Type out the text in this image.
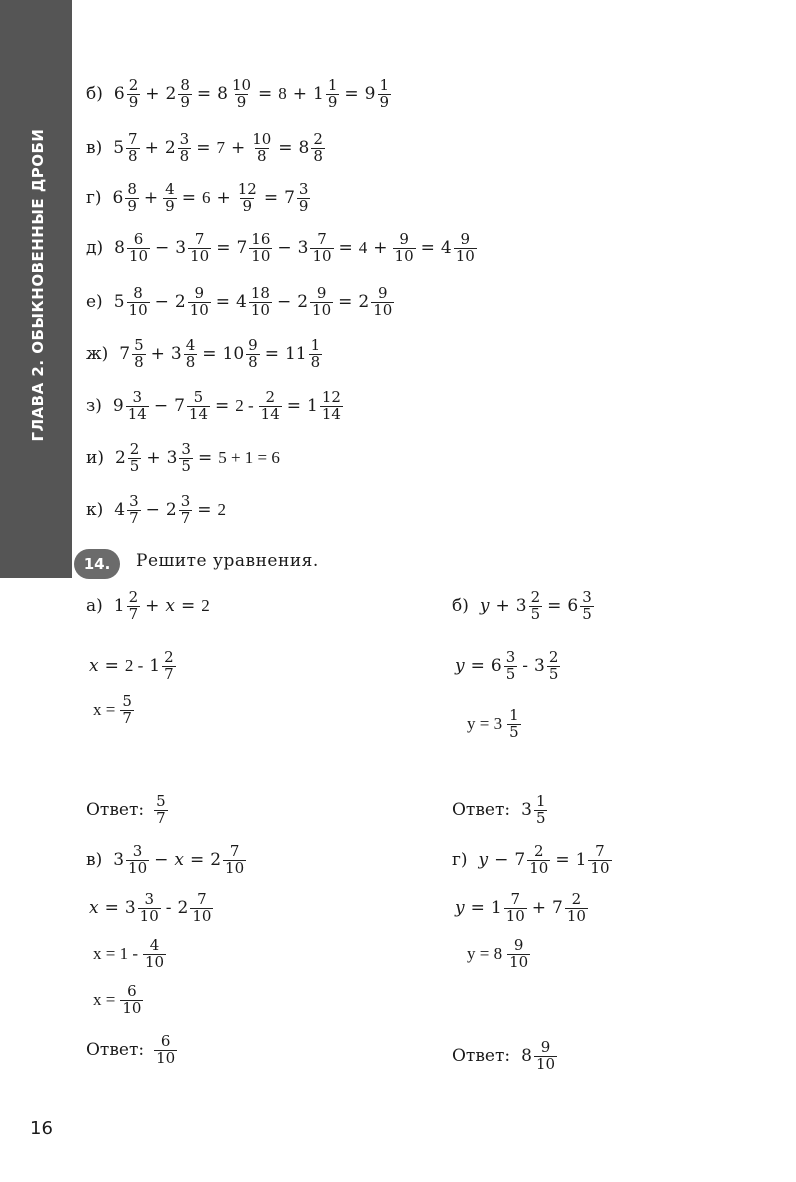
ГЛАВА 2. ОБЫКНОВЕННЫЕ ДРОБИ
14.	Решите уравнения.
б) $6 \frac{2}{9} + 2 \frac{8}{9} = 8 \frac{10}{9} = 8 + 1 \frac{1}{9} = 9 \frac{1}{9}$
в) $5 \frac{7}{8} + 2 \frac{3}{8} = 7 + \frac{10}{8} = 8 \frac{2}{8}$
г) $6 \frac{8}{9} + \frac{4}{9} = 6 + \frac{12}{9} = 7 \frac{3}{9}$
д) $8 \frac{6}{10} - 3 \frac{7}{10} = 7 \frac{16}{10} - 3 \frac{7}{10} = 4 + \frac{9}{10} = 4 \frac{9}{10}$
е) $5 \frac{8}{10} - 2 \frac{9}{10} = 4 \frac{18}{10} - 2 \frac{9}{10} = 2 \frac{9}{10}$
ж) $7 \frac{5}{8} + 3 \frac{4}{8} = 10 \frac{9}{8} = 11 \frac{1}{8}$
з) $9 \frac{3}{14} - 7 \frac{5}{14} = 2 - \frac{2}{14} = 1 \frac{12}{14}$
и) $2 \frac{2}{5} + 3 \frac{3}{5} = 5 + 1 = 6$
к) $4 \frac{3}{7} - 2 \frac{3}{7} = 2$
а) $1 \frac{2}{7} + x = 2$	б) $y + 3 \frac{2}{5} = 6 \frac{3}{5}$
$x = 2 - 1 \frac{2}{7}$	$y = 6 \frac{3}{5} - 3 \frac{2}{5}$
$x = \frac{5}{7}$	$y = 3 \frac{1}{5}$
Ответ: $\frac{5}{7}$	Ответ: $3 \frac{1}{5}$
в) $3 \frac{3}{10} - x = 2 \frac{7}{10}$	г) $y - 7 \frac{2}{10} = 1 \frac{7}{10}$
$x = 3 \frac{3}{10} - 2 \frac{7}{10}$	$y = 1 \frac{7}{10} + 7 \frac{2}{10}$
$x = 1 - \frac{4}{10}$	$y = 8 \frac{9}{10}$
$x = \frac{6}{10}$
Ответ: $\frac{6}{10}$	Ответ: $8 \frac{9}{10}$
16
